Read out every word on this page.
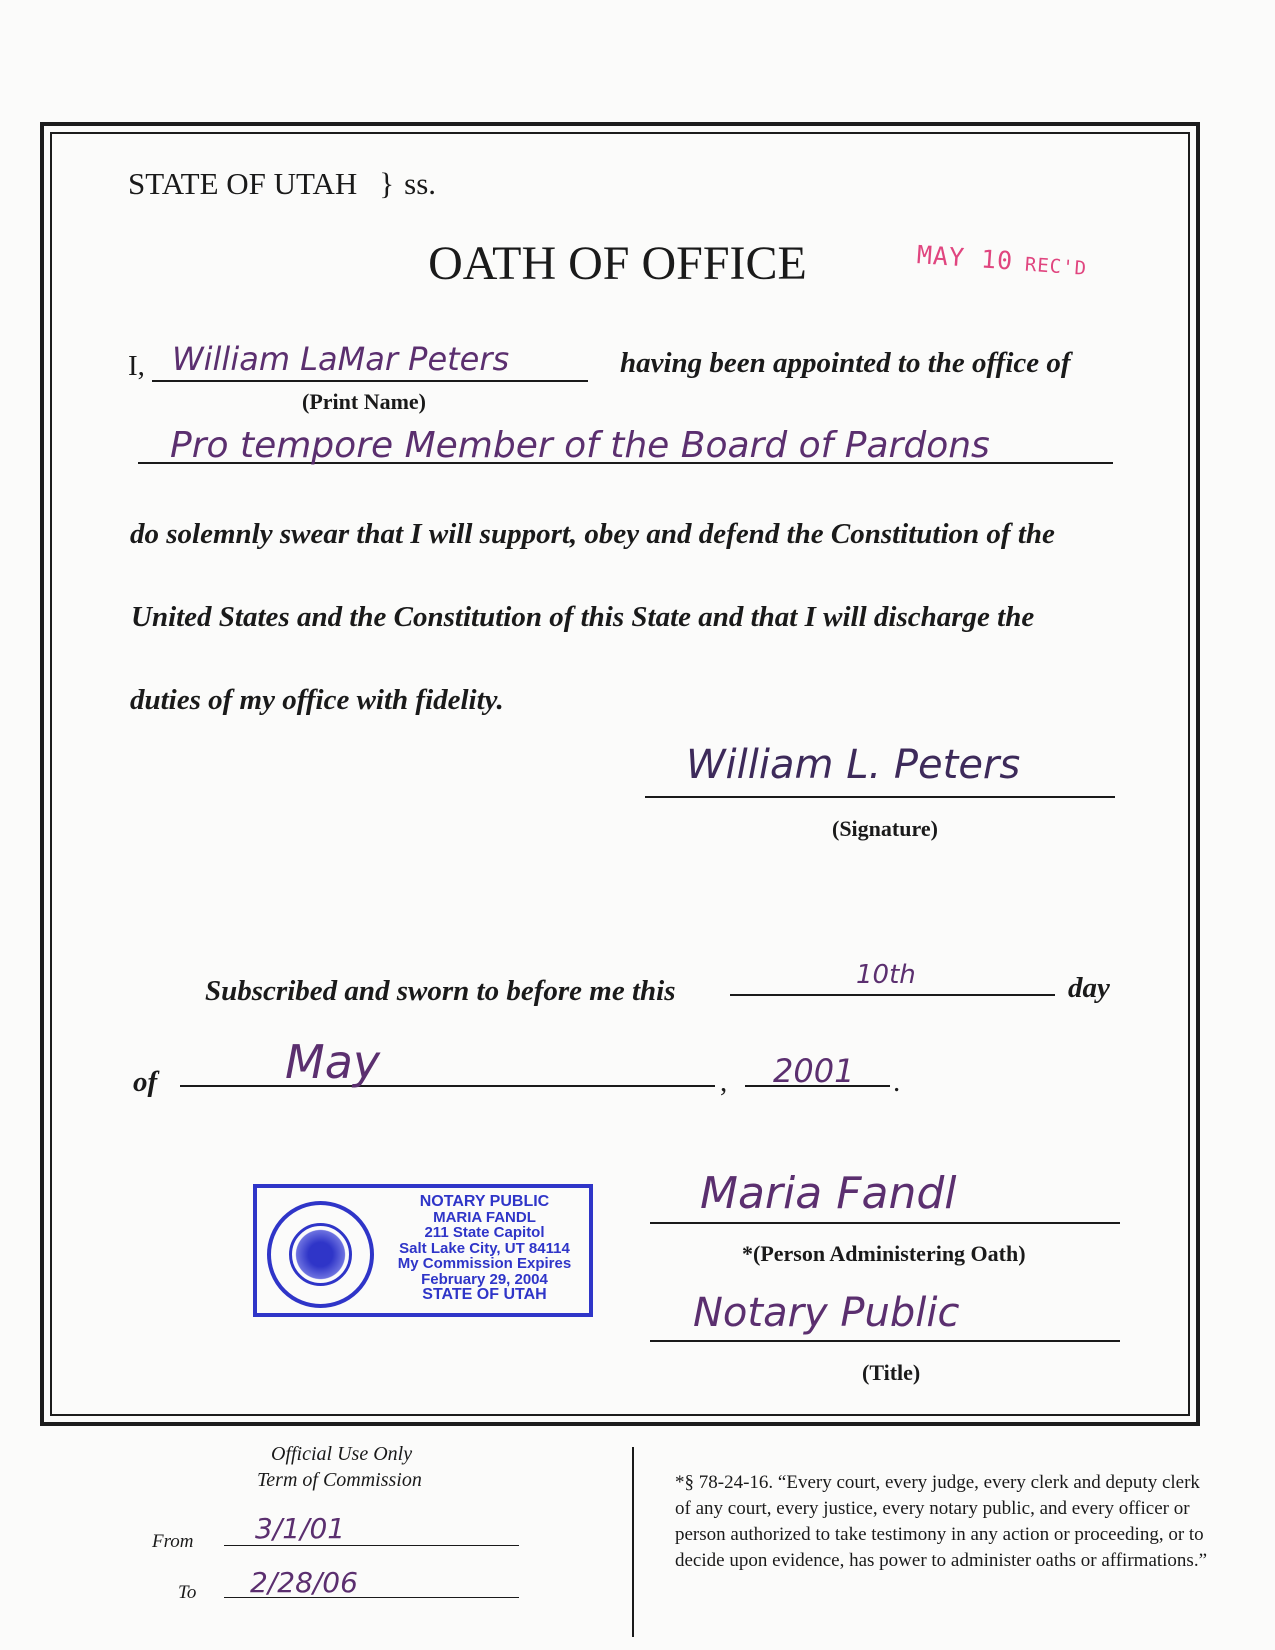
STATE OF UTAH } ss.
OATH OF OFFICE	MAY 10 REC'D
I, William LaMar Peters	having been appointed to the office of
(Print Name)
Pro tempore Member of the Board of Pardons
do solemnly swear that I will support, obey and defend the Constitution of the
United States and the Constitution of this State and that I will discharge the
duties of my office with fidelity.
William L. Peters
(Signature)
Subscribed and sworn to before me this	10th	day
of	May	, 2001 .
NOTARY PUBLIC
MARIA FANDL
211 State Capitol
Salt Lake City, UT 84114
My Commission Expires
February 29, 2004
STATE OF UTAH
Maria Fandl
*(Person Administering Oath)
Notary Public
(Title)
Official Use Only
Term of Commission
From 3/1/01
To 2/28/06
*§ 78-24-16. “Every court, every judge, every clerk and deputy clerk of any court, every justice, every notary public, and every officer or person authorized to take testimony in any action or proceeding, or to decide upon evidence, has power to administer oaths or affirmations.”
